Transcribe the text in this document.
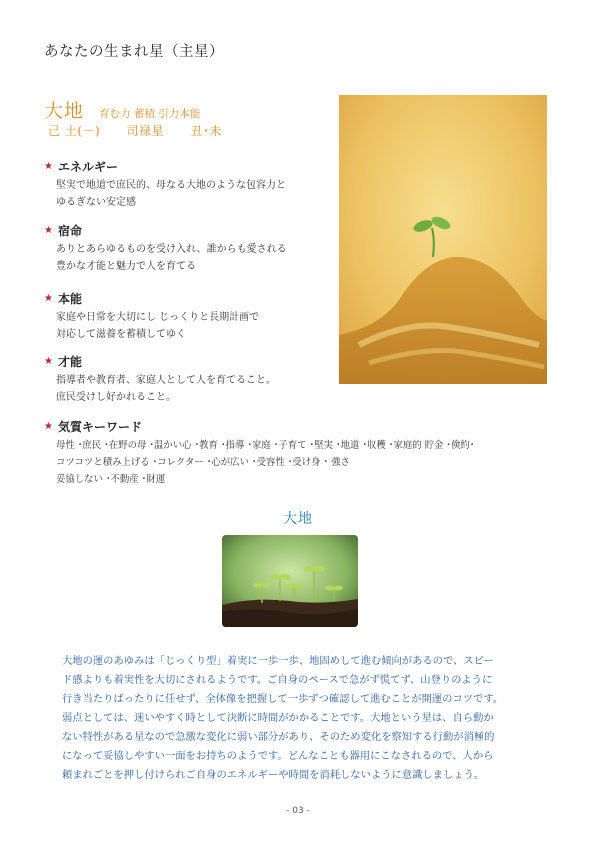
あなたの生まれ星（主星）
大地 育む力 蓄積 引力本能
己 土(－) 司禄星 丑･未
★ エネルギー
堅実で地道で庶民的、母なる大地のような包容力と
ゆるぎない安定感
★ 宿命
ありとあらゆるものを受け入れ、誰からも愛される
豊かな才能と魅力で人を育てる
★ 本能
家庭や日常を大切にし じっくりと長期計画で
対応して滋養を蓄積してゆく
★ 才能
指導者や教育者、家庭人として人を育てること。
庶民受けし好かれること。
★ 気質キーワード
母性 ･庶民 ･在野の母 ･温かい心 ･教育 ･指導 ･家庭 ･子育て ･堅実 ･地道 ･収穫 ･家庭的 貯金 ･倹約･
コツコツと積み上げる ･コレクター ･心が広い ･受容性 ･受け身 ･ 強さ
妥協しない ･不動産 ･財運
大地
大地の運のあゆみは「じっくり型」着実に一歩一歩、地固めして進む傾向があるので、スピー
ド感よりも着実性を大切にされるようです。ご自身のペースで急がず慌てず、山登りのように
行き当たりばったりに任せず、全体像を把握して一歩ずつ確認して進むことが開運のコツです。
弱点としては、迷いやすく時として決断に時間がかかることです。大地という星は、自ら動か
ない特性がある星なので急激な変化に弱い部分があり、そのため変化を察知する行動が消極的
になって妥協しやすい一面をお持ちのようです。どんなことも器用にこなされるので、人から
頼まれごとを押し付けられご自身のエネルギーや時間を消耗しないように意識しましょう。
- 03 -
